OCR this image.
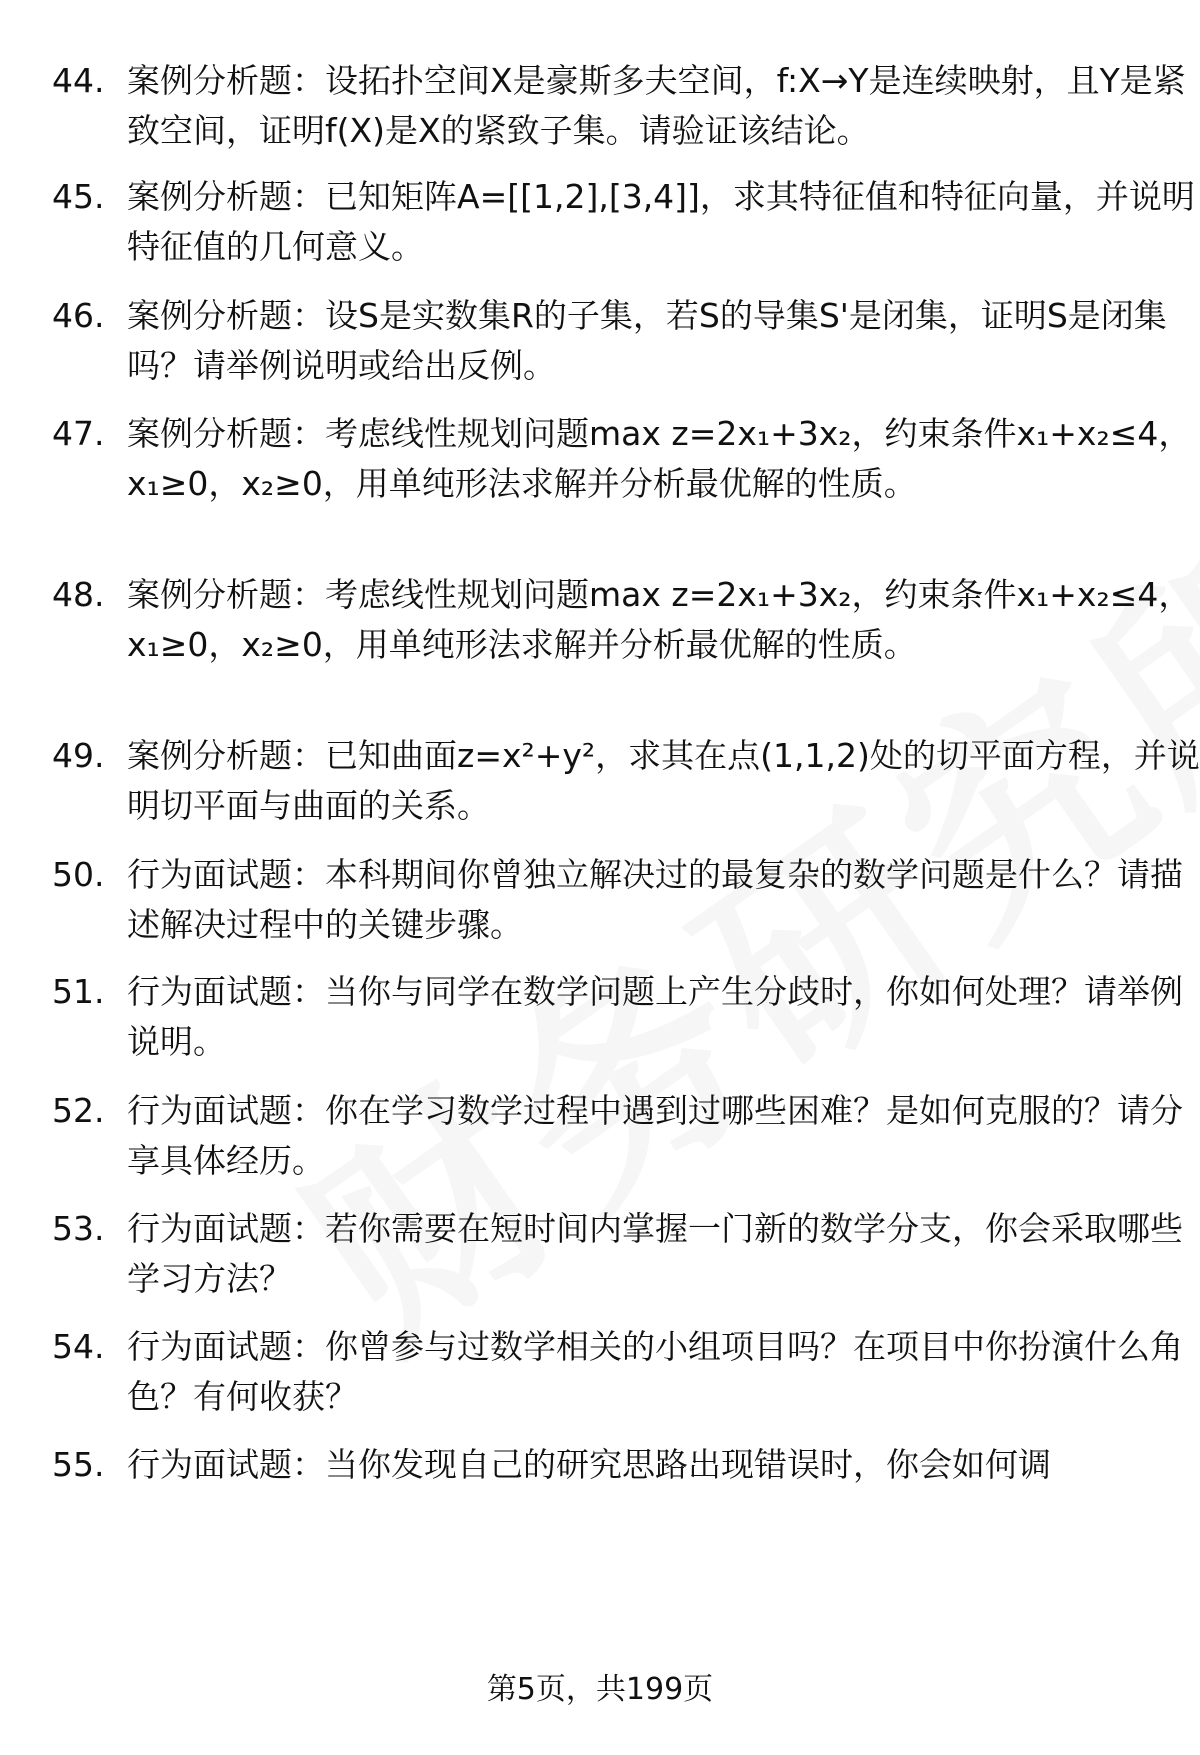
44. 案例分析题：设拓扑空间X是豪斯多夫空间，f:X→Y是连续映射，且Y是紧致空间，证明f(X)是X的紧致子集。请验证该结论。
45. 案例分析题：已知矩阵A=[[1,2],[3,4]]，求其特征值和特征向量，并说明特征值的几何意义。
46. 案例分析题：设S是实数集R的子集，若S的导集S'是闭集，证明S是闭集吗？请举例说明或给出反例。
47. 案例分析题：考虑线性规划问题max z=2x₁+3x₂，约束条件x₁+x₂≤4，x₁≥0，x₂≥0，用单纯形法求解并分析最优解的性质。
48. 案例分析题：考虑线性规划问题max z=2x₁+3x₂，约束条件x₁+x₂≤4，x₁≥0，x₂≥0，用单纯形法求解并分析最优解的性质。
49. 案例分析题：已知曲面z=x²+y²，求其在点(1,1,2)处的切平面方程，并说明切平面与曲面的关系。
50. 行为面试题：本科期间你曾独立解决过的最复杂的数学问题是什么？请描述解决过程中的关键步骤。
51. 行为面试题：当你与同学在数学问题上产生分歧时，你如何处理？请举例说明。
52. 行为面试题：你在学习数学过程中遇到过哪些困难？是如何克服的？请分享具体经历。
53. 行为面试题：若你需要在短时间内掌握一门新的数学分支，你会采取哪些学习方法？
54. 行为面试题：你曾参与过数学相关的小组项目吗？在项目中你扮演什么角色？有何收获？
55. 行为面试题：当你发现自己的研究思路出现错误时，你会如何调
第5页，共199页
